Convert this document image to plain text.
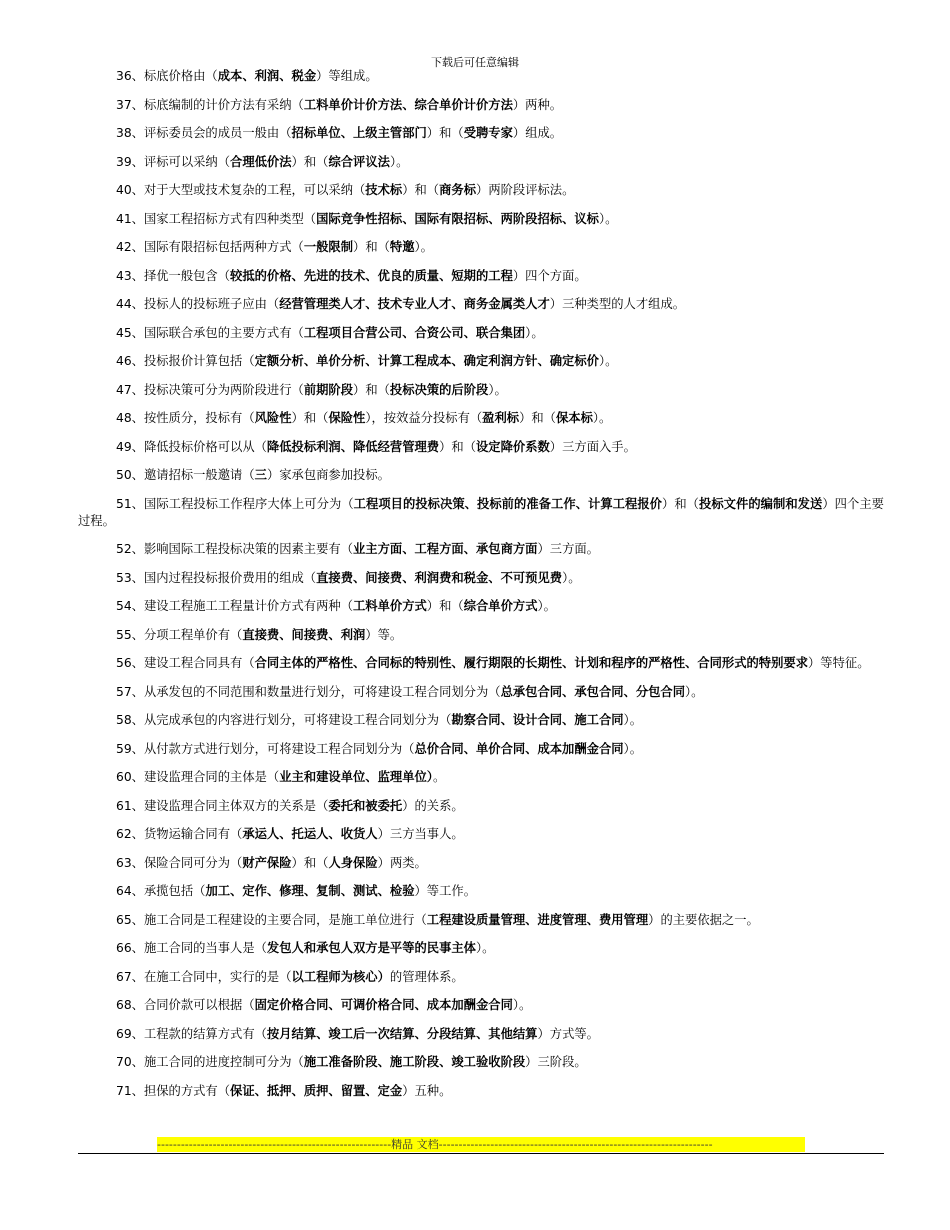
下载后可任意编辑
36、标底价格由（成本、利润、税金）等组成。
37、标底编制的计价方法有采纳（工料单价计价方法、综合单价计价方法）两种。
38、评标委员会的成员一般由（招标单位、上级主管部门）和（受聘专家）组成。
39、评标可以采纳（合理低价法）和（综合评议法）。
40、对于大型或技术复杂的工程，可以采纳（技术标）和（商务标）两阶段评标法。
41、国家工程招标方式有四种类型（国际竞争性招标、国际有限招标、两阶段招标、议标）。
42、国际有限招标包括两种方式（一般限制）和（特邀）。
43、择优一般包含（较抵的价格、先进的技术、优良的质量、短期的工程）四个方面。
44、投标人的投标班子应由（经营管理类人才、技术专业人才、商务金属类人才）三种类型的人才组成。
45、国际联合承包的主要方式有（工程项目合营公司、合资公司、联合集团）。
46、投标报价计算包括（定额分析、单价分析、计算工程成本、确定利润方针、确定标价）。
47、投标决策可分为两阶段进行（前期阶段）和（投标决策的后阶段）。
48、按性质分，投标有（风险性）和（保险性），按效益分投标有（盈利标）和（保本标）。
49、降低投标价格可以从（降低投标利润、降低经营管理费）和（设定降价系数）三方面入手。
50、邀请招标一般邀请（三）家承包商参加投标。
51、国际工程投标工作程序大体上可分为（工程项目的投标决策、投标前的准备工作、计算工程报价）和（投标文件的编制和发送）四个主要过程。
52、影响国际工程投标决策的因素主要有（业主方面、工程方面、承包商方面）三方面。
53、国内过程投标报价费用的组成（直接费、间接费、利润费和税金、不可预见费）。
54、建设工程施工工程量计价方式有两种（工料单价方式）和（综合单价方式）。
55、分项工程单价有（直接费、间接费、利润）等。
56、建设工程合同具有（合同主体的严格性、合同标的特别性、履行期限的长期性、计划和程序的严格性、合同形式的特别要求）等特征。
57、从承发包的不同范围和数量进行划分，可将建设工程合同划分为（总承包合同、承包合同、分包合同）。
58、从完成承包的内容进行划分，可将建设工程合同划分为（勘察合同、设计合同、施工合同）。
59、从付款方式进行划分，可将建设工程合同划分为（总价合同、单价合同、成本加酬金合同）。
60、建设监理合同的主体是（业主和建设单位、监理单位）。
61、建设监理合同主体双方的关系是（委托和被委托）的关系。
62、货物运输合同有（承运人、托运人、收货人）三方当事人。
63、保险合同可分为（财产保险）和（人身保险）两类。
64、承揽包括（加工、定作、修理、复制、测试、检验）等工作。
65、施工合同是工程建设的主要合同，是施工单位进行（工程建设质量管理、进度管理、费用管理）的主要依据之一。
66、施工合同的当事人是（发包人和承包人双方是平等的民事主体）。
67、在施工合同中，实行的是（以工程师为核心）的管理体系。
68、合同价款可以根据（固定价格合同、可调价格合同、成本加酬金合同）。
69、工程款的结算方式有（按月结算、竣工后一次结算、分段结算、其他结算）方式等。
70、施工合同的进度控制可分为（施工准备阶段、施工阶段、竣工验收阶段）三阶段。
71、担保的方式有（保证、抵押、质押、留置、定金）五种。
-----------------------------------------------------------精品 文档---------------------------------------------------------------------
